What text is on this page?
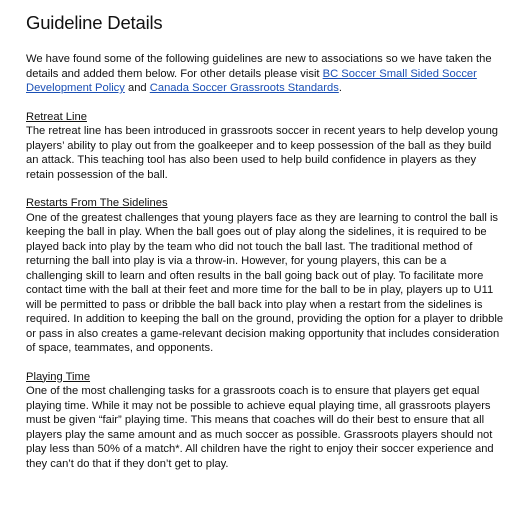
Guideline Details

We have found some of the following guidelines are new to associations so we have taken the details and added them below. For other details please visit BC Soccer Small Sided Soccer Development Policy and Canada Soccer Grassroots Standards.

Retreat Line

The retreat line has been introduced in grassroots soccer in recent years to help develop young players’ ability to play out from the goalkeeper and to keep possession of the ball as they build an attack. This teaching tool has also been used to help build confidence in players as they retain possession of the ball.

Restarts From The Sidelines

One of the greatest challenges that young players face as they are learning to control the ball is keeping the ball in play. When the ball goes out of play along the sidelines, it is required to be played back into play by the team who did not touch the ball last. The traditional method of returning the ball into play is via a throw-in. However, for young players, this can be a challenging skill to learn and often results in the ball going back out of play. To facilitate more contact time with the ball at their feet and more time for the ball to be in play, players up to U11 will be permitted to pass or dribble the ball back into play when a restart from the sidelines is required. In addition to keeping the ball on the ground, providing the option for a player to dribble or pass in also creates a game-relevant decision making opportunity that includes consideration of space, teammates, and opponents.

Playing Time

One of the most challenging tasks for a grassroots coach is to ensure that players get equal playing time. While it may not be possible to achieve equal playing time, all grassroots players must be given “fair” playing time. This means that coaches will do their best to ensure that all players play the same amount and as much soccer as possible. Grassroots players should not play less than 50% of a match*. All children have the right to enjoy their soccer experience and they can’t do that if they don’t get to play.
